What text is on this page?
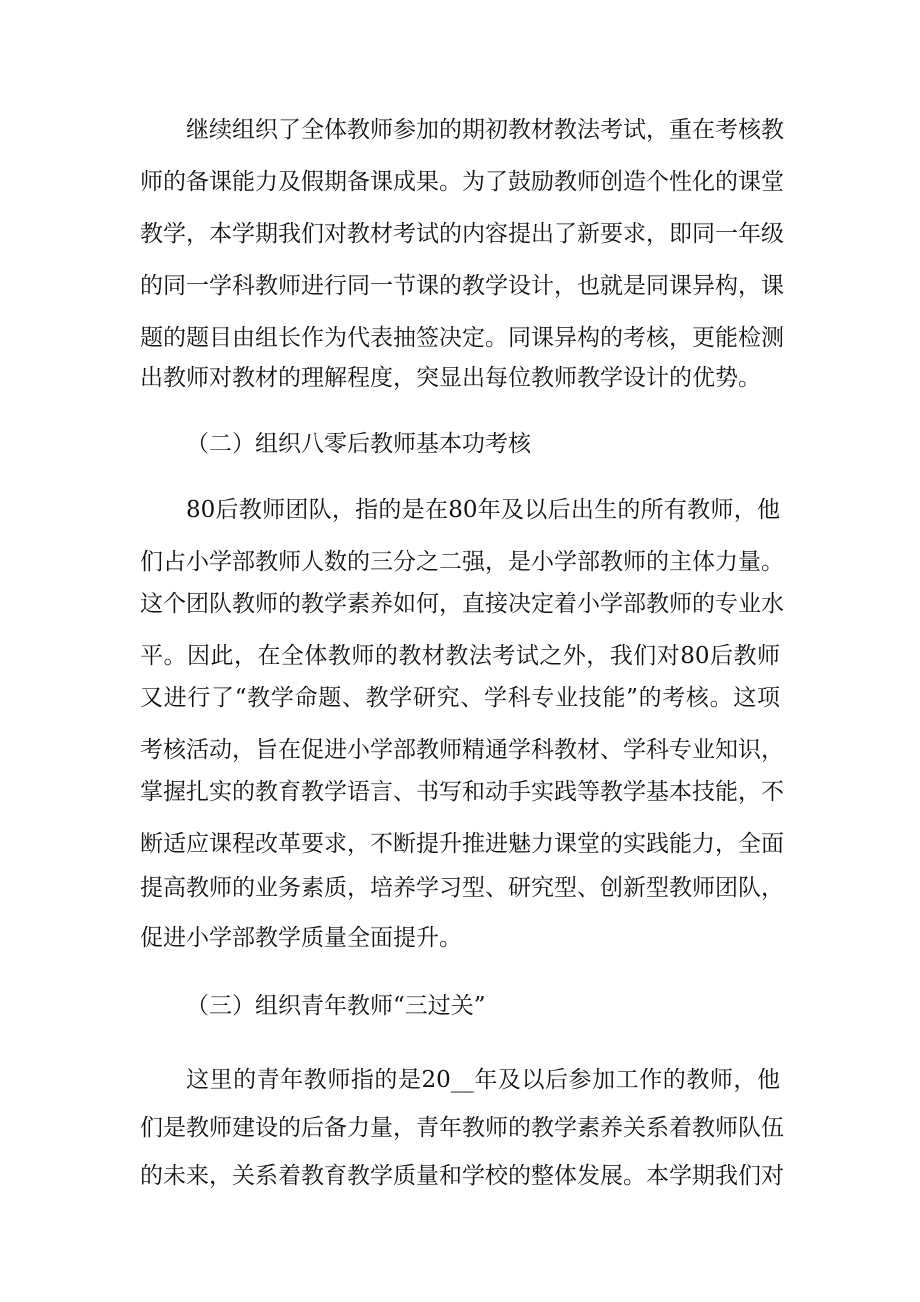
继续组织了全体教师参加的期初教材教法考试，重在考核教
师的备课能力及假期备课成果。为了鼓励教师创造个性化的课堂
教学，本学期我们对教材考试的内容提出了新要求，即同一年级
的同一学科教师进行同一节课的教学设计，也就是同课异构，课
题的题目由组长作为代表抽签决定。同课异构的考核，更能检测
出教师对教材的理解程度，突显出每位教师教学设计的优势。
（二）组织八零后教师基本功考核
80后教师团队，指的是在80年及以后出生的所有教师，他
们占小学部教师人数的三分之二强，是小学部教师的主体力量。
这个团队教师的教学素养如何，直接决定着小学部教师的专业水
平。因此，在全体教师的教材教法考试之外，我们对80后教师
又进行了“教学命题、教学研究、学科专业技能”的考核。这项
考核活动，旨在促进小学部教师精通学科教材、学科专业知识，
掌握扎实的教育教学语言、书写和动手实践等教学基本技能，不
断适应课程改革要求，不断提升推进魅力课堂的实践能力，全面
提高教师的业务素质，培养学习型、研究型、创新型教师团队，
促进小学部教学质量全面提升。
（三）组织青年教师“三过关”
这里的青年教师指的是20__年及以后参加工作的教师，他
们是教师建设的后备力量，青年教师的教学素养关系着教师队伍
的未来，关系着教育教学质量和学校的整体发展。本学期我们对
